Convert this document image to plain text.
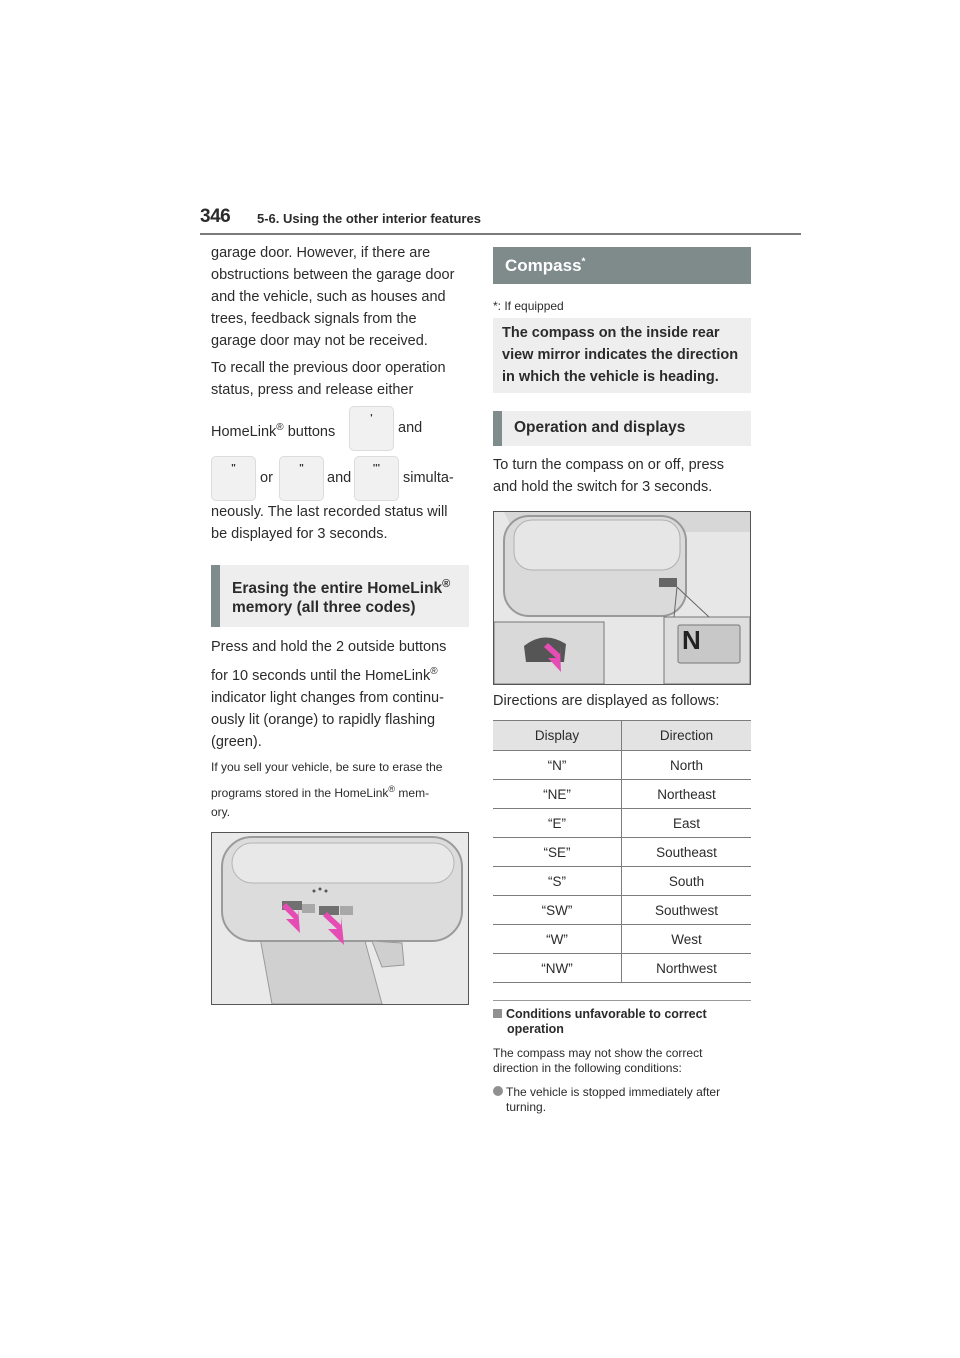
346 5-6. Using the other interior features
garage door. However, if there are
obstructions between the garage door
and the vehicle, such as houses and
trees, feedback signals from the
garage door may not be received.
To recall the previous door operation
status, press and release either
HomeLink® buttons
'
and
"
or
"
and
'''
simulta-
neously. The last recorded status will
be displayed for 3 seconds.
Erasing the entire HomeLink®
memory (all three codes)
Press and hold the 2 outside buttons
for 10 seconds until the HomeLink®
indicator light changes from continu-
ously lit (orange) to rapidly flashing
(green).
If you sell your vehicle, be sure to erase the
programs stored in the HomeLink® mem-
ory.
Compass*
*: If equipped
The compass on the inside rear
view mirror indicates the direction
in which the vehicle is heading.
Operation and displays
To turn the compass on or off, press
and hold the switch for 3 seconds.
N
Directions are displayed as follows:
Display	Direction
“N”	North
“NE”	Northeast
“E”	East
“SE”	Southeast
“S”	South
“SW”	Southwest
“W”	West
“NW”	Northwest
Conditions unfavorable to correct
operation
The compass may not show the correct
direction in the following conditions:
The vehicle is stopped immediately after
turning.
